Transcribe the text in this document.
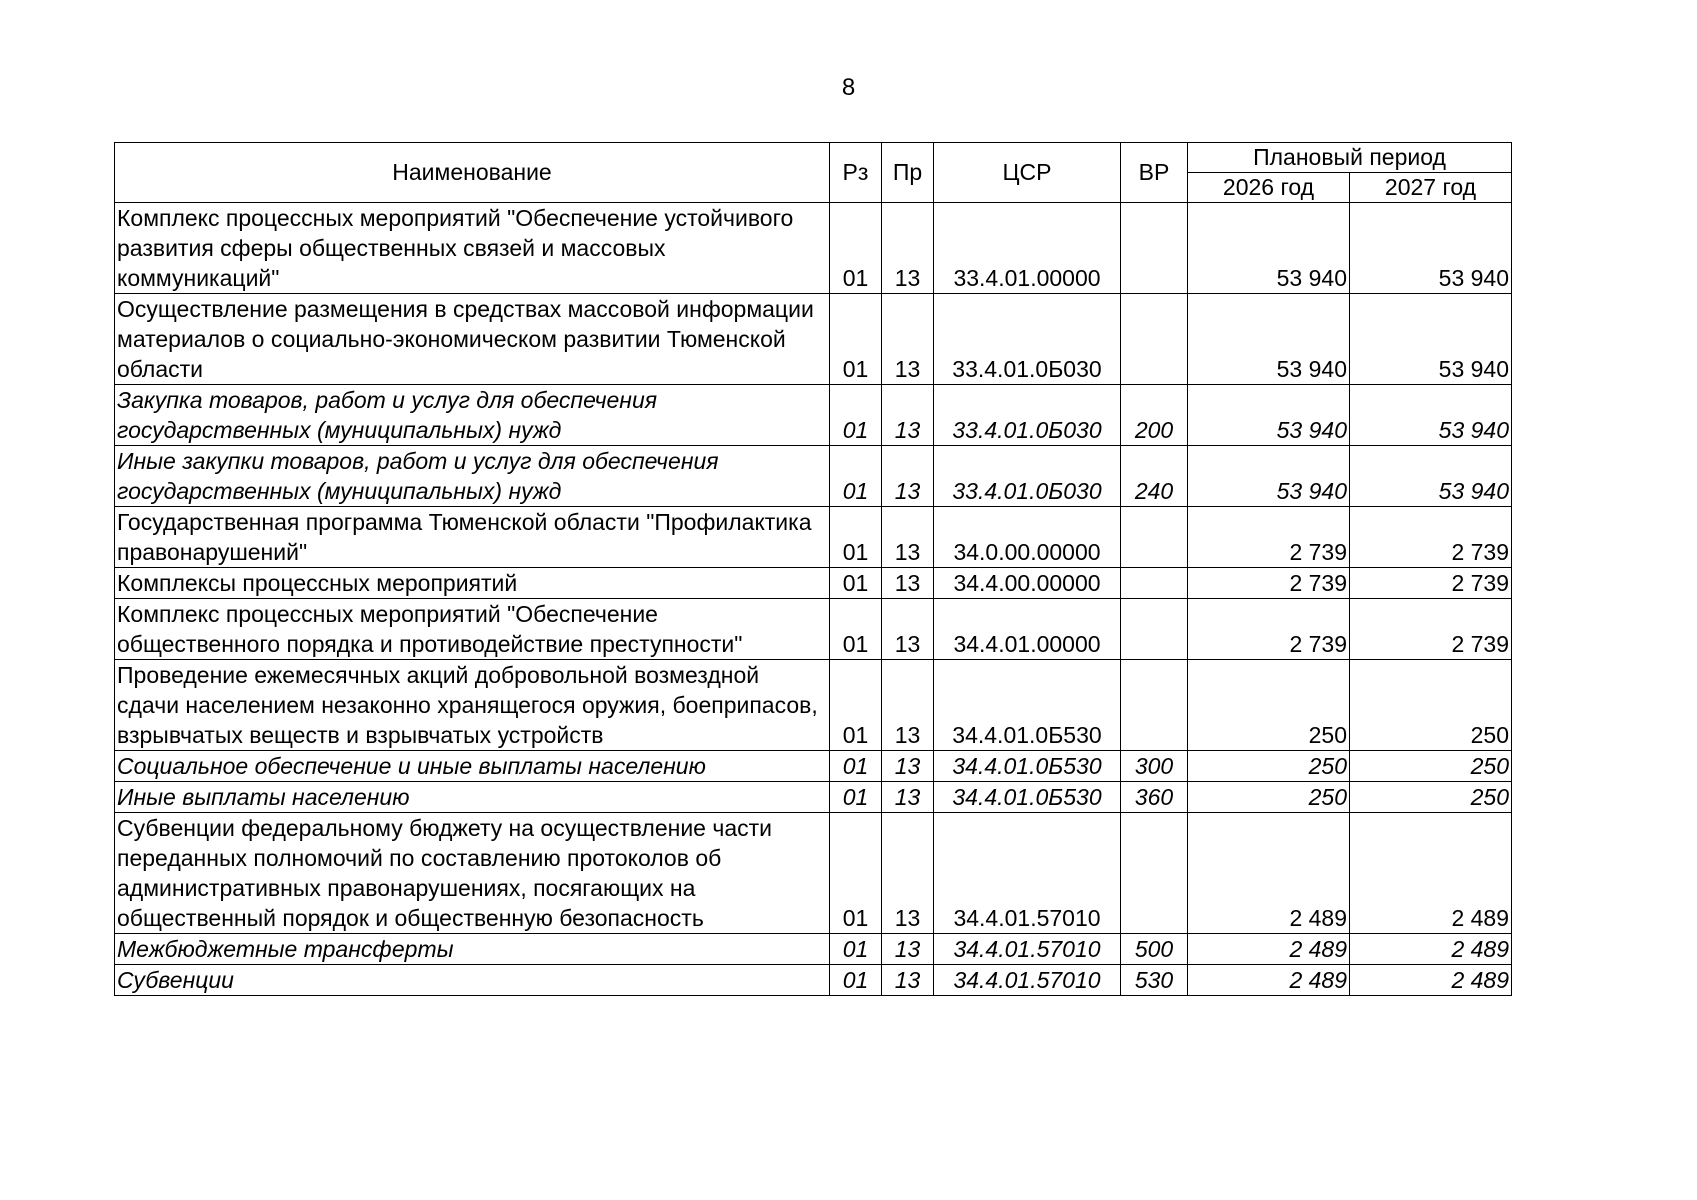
8
Наименование	Рз	Пр	ЦСР	ВР	Плановый период	
					2026 год	2027 год
Комплекс процессных мероприятий "Обеспечение устойчивого развития сферы общественных связей и массовых коммуникаций"	01	13	33.4.01.00000		53 940	53 940
Осуществление размещения в средствах массовой информации материалов о социально-экономическом развитии Тюменской области	01	13	33.4.01.0Б030		53 940	53 940
Закупка товаров, работ и услуг для обеспечения государственных (муниципальных) нужд	01	13	33.4.01.0Б030	200	53 940	53 940
Иные закупки товаров, работ и услуг для обеспечения государственных (муниципальных) нужд	01	13	33.4.01.0Б030	240	53 940	53 940
Государственная программа Тюменской области "Профилактика правонарушений"	01	13	34.0.00.00000		2 739	2 739
Комплексы процессных мероприятий	01	13	34.4.00.00000		2 739	2 739
Комплекс процессных мероприятий "Обеспечение общественного порядка и противодействие преступности"	01	13	34.4.01.00000		2 739	2 739
Проведение ежемесячных акций добровольной возмездной сдачи населением незаконно хранящегося оружия, боеприпасов, взрывчатых веществ и взрывчатых устройств	01	13	34.4.01.0Б530		250	250
Социальное обеспечение и иные выплаты населению	01	13	34.4.01.0Б530	300	250	250
Иные выплаты населению	01	13	34.4.01.0Б530	360	250	250
Субвенции федеральному бюджету на осуществление части переданных полномочий по составлению протоколов об административных правонарушениях, посягающих на общественный порядок и общественную безопасность	01	13	34.4.01.57010		2 489	2 489
Межбюджетные трансферты	01	13	34.4.01.57010	500	2 489	2 489
Субвенции	01	13	34.4.01.57010	530	2 489	2 489
